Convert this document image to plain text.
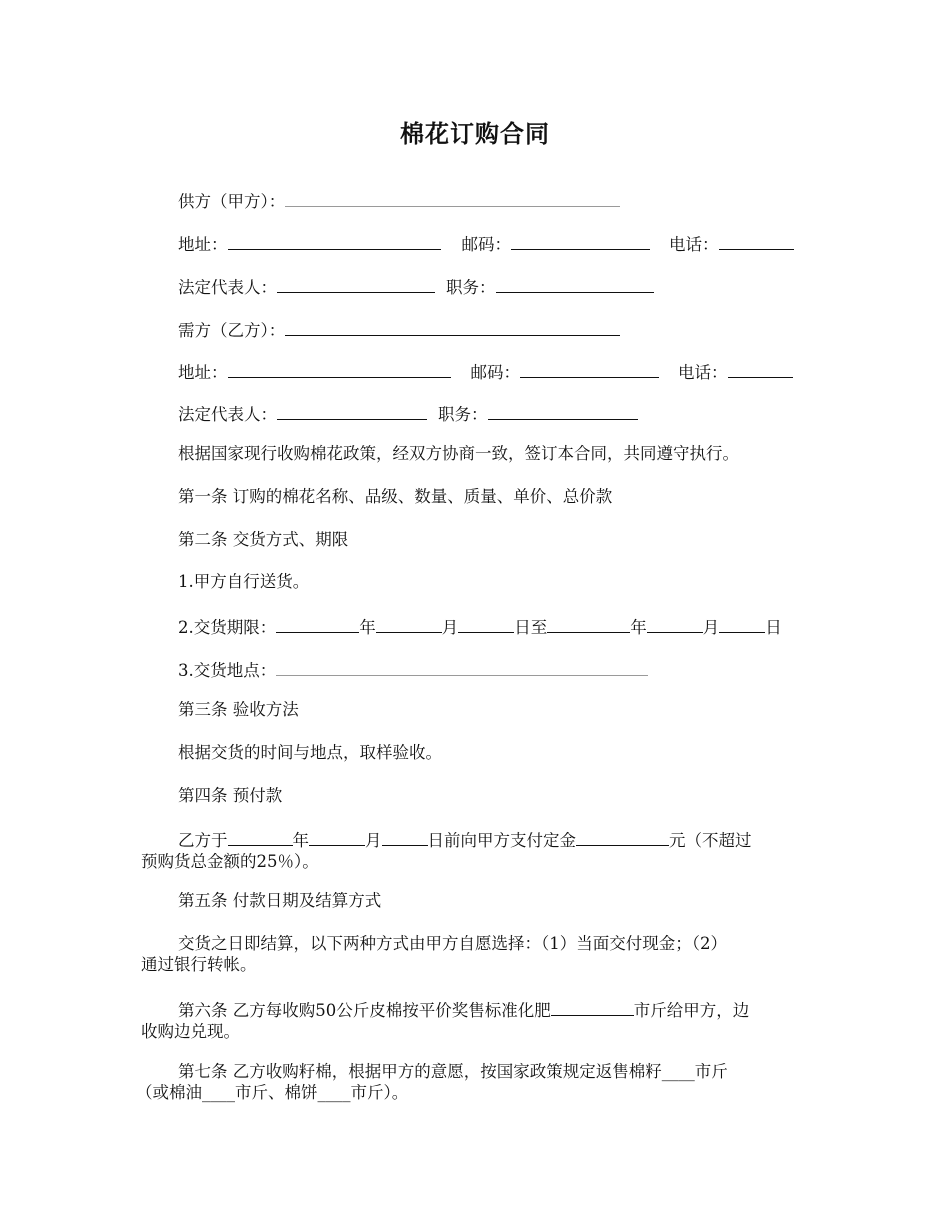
棉花订购合同
供方（甲方）：
地址：	邮码：	电话：
法定代表人：	职务：
需方（乙方）：
地址：	邮码：	电话：
法定代表人：	职务：
根据国家现行收购棉花政策，经双方协商一致，签订本合同，共同遵守执行。
第一条 订购的棉花名称、品级、数量、质量、单价、总价款
第二条 交货方式、期限
1.甲方自行送货。
2.交货期限：	年	月	日至	年	月	日
3.交货地点：
第三条 验收方法
根据交货的时间与地点，取样验收。
第四条 预付款
乙方于	年	月	日前向甲方支付定金	元（不超过
预购货总金额的25％）。
第五条 付款日期及结算方式
交货之日即结算，以下两种方式由甲方自愿选择：（1）当面交付现金；（2）
通过银行转帐。
第六条 乙方每收购50公斤皮棉按平价奖售标准化肥	市斤给甲方，边
收购边兑现。
第七条 乙方收购籽棉，根据甲方的意愿，按国家政策规定返售棉籽____市斤
（或棉油____市斤、棉饼____市斤）。
